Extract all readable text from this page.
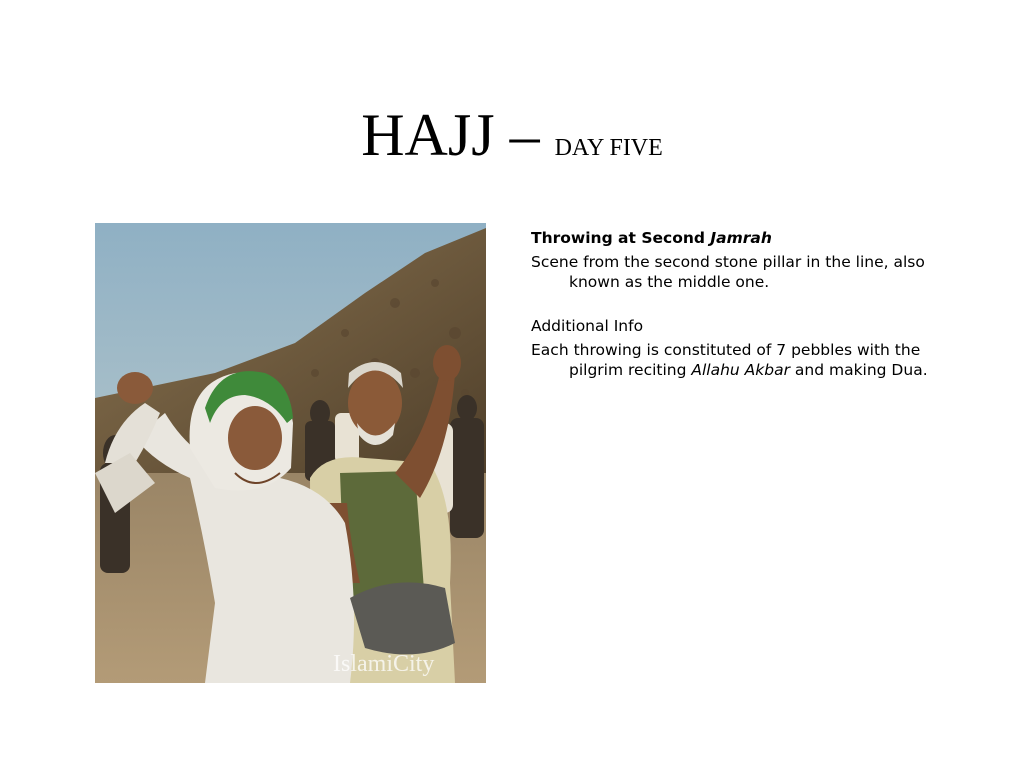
HAJJ – DAY FIVE
IslamiCity

Throwing at Second Jamrah

Scene from the second stone pillar in the line, also known as the middle one.

Additional Info

Each throwing is constituted of 7 pebbles with the pilgrim reciting Allahu Akbar and making Dua.
